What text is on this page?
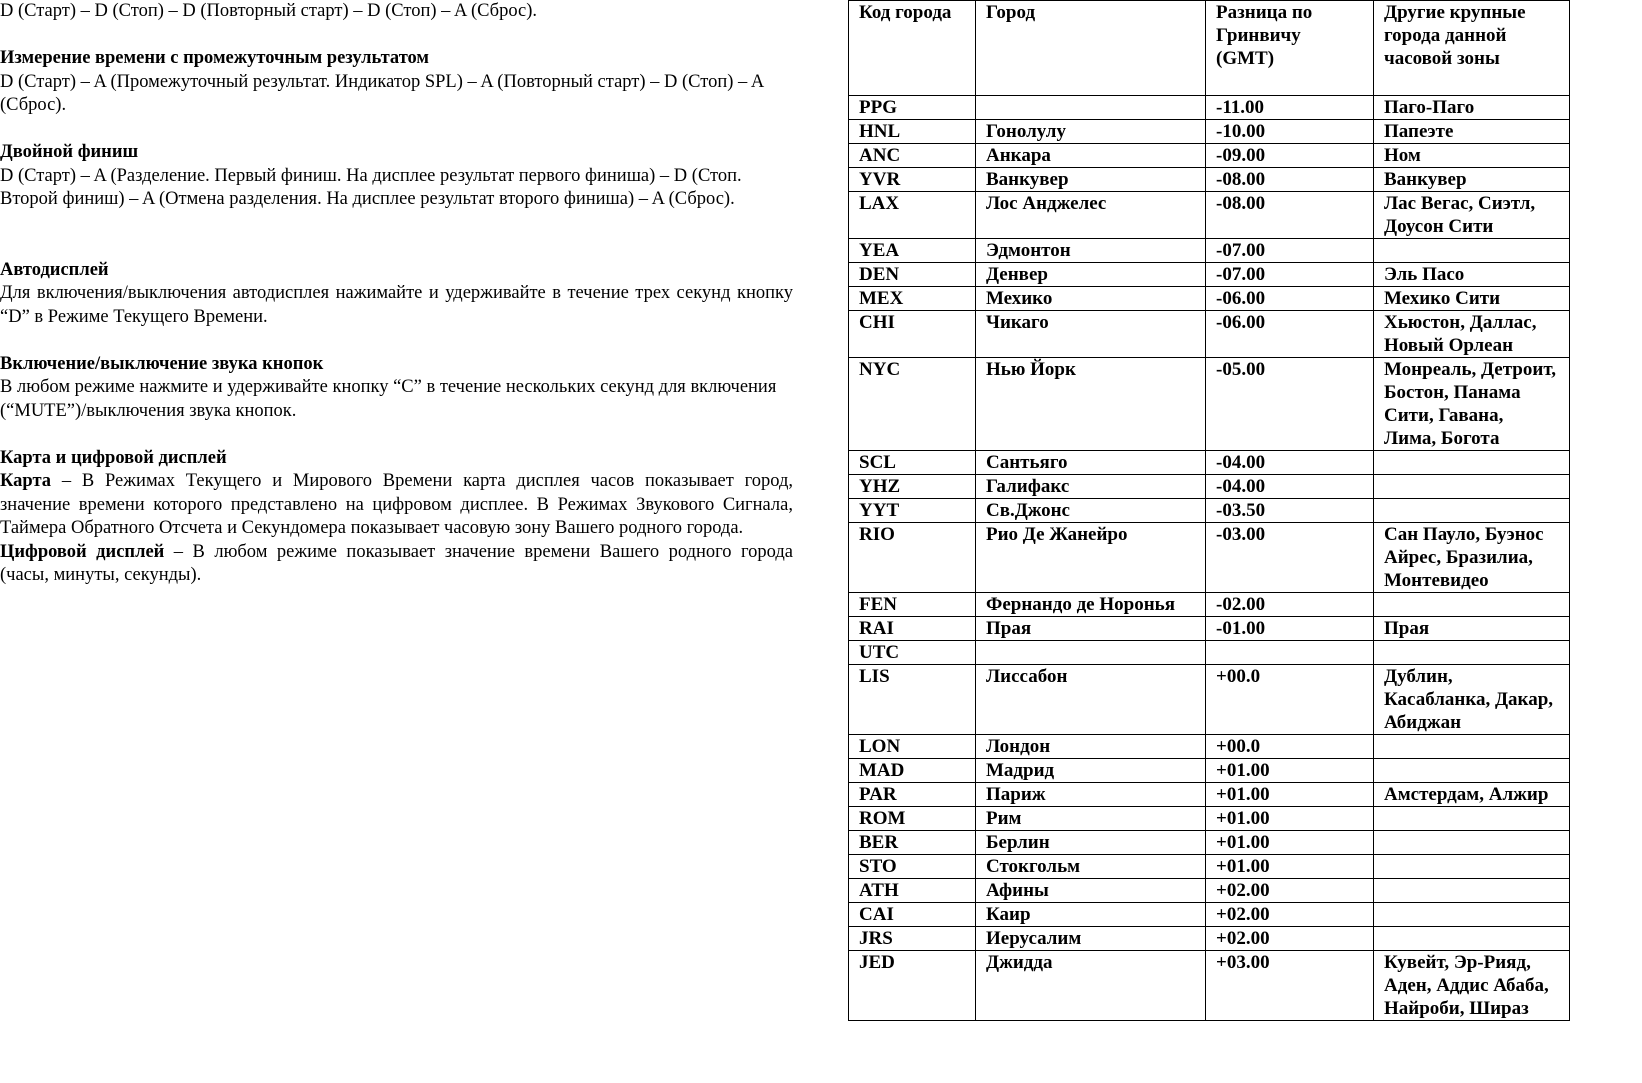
D (Старт) – D (Стоп) – D (Повторный старт) – D (Стоп) – A (Сброс).

Измерение времени с промежуточным результатом

D (Старт) – A (Промежуточный результат. Индикатор SPL) – A (Повторный старт) – D (Стоп) – A (Сброс).

Двойной финиш

D (Старт) – A (Разделение. Первый финиш. На дисплее результат первого финиша) – D (Стоп. Второй финиш) – A (Отмена разделения. На дисплее результат второго финиша) – A (Сброс).

Автодисплей

Для включения/выключения автодисплея нажимайте и удерживайте в течение трех секунд кнопку “D” в Режиме Текущего Времени.

Включение/выключение звука кнопок

В любом режиме нажмите и удерживайте кнопку “C” в течение нескольких секунд для включения (“MUTE”)/выключения звука кнопок.

Карта и цифровой дисплей

Карта – В Режимах Текущего и Мирового Времени карта дисплея часов показывает город, значение времени которого представлено на цифровом дисплее. В Режимах Звукового Сигнала, Таймера Обратного Отсчета и Секундомера показывает часовую зону Вашего родного города.

Цифровой дисплей – В любом режиме показывает значение времени Вашего родного города (часы, минуты, секунды).

Код города	Город	Разница по Гринвичу (GMT)	Другие крупные города данной часовой зоны
PPG		-11.00	Паго-Паго
HNL	Гонолулу	-10.00	Папеэте
ANC	Анкара	-09.00	Ном
YVR	Ванкувер	-08.00	Ванкувер
LAX	Лос Анджелес	-08.00	Лас Вегас, Сиэтл, Доусон Сити
YEA	Эдмонтон	-07.00	
DEN	Денвер	-07.00	Эль Пасо
MEX	Мехико	-06.00	Мехико Сити
CHI	Чикаго	-06.00	Хьюстон, Даллас, Новый Орлеан
NYC	Нью Йорк	-05.00	Монреаль, Детроит, Бостон, Панама Сити, Гавана, Лима, Богота
SCL	Сантьяго	-04.00	
YHZ	Галифакс	-04.00	
YYT	Св.Джонс	-03.50	
RIO	Рио Де Жанейро	-03.00	Сан Пауло, Буэнос Айрес, Бразилиа, Монтевидео
FEN	Фернандо де Норонья	-02.00	
RAI	Прая	-01.00	Прая
UTC			
LIS	Лиссабон	+00.0	Дублин, Касабланка, Дакар, Абиджан
LON	Лондон	+00.0	
MAD	Мадрид	+01.00	
PAR	Париж	+01.00	Амстердам, Алжир
ROM	Рим	+01.00	
BER	Берлин	+01.00	
STO	Стокгольм	+01.00	
ATH	Афины	+02.00	
CAI	Каир	+02.00	
JRS	Иерусалим	+02.00	
JED	Джидда	+03.00	Кувейт, Эр-Рияд, Аден, Аддис Абаба, Найроби, Шираз
